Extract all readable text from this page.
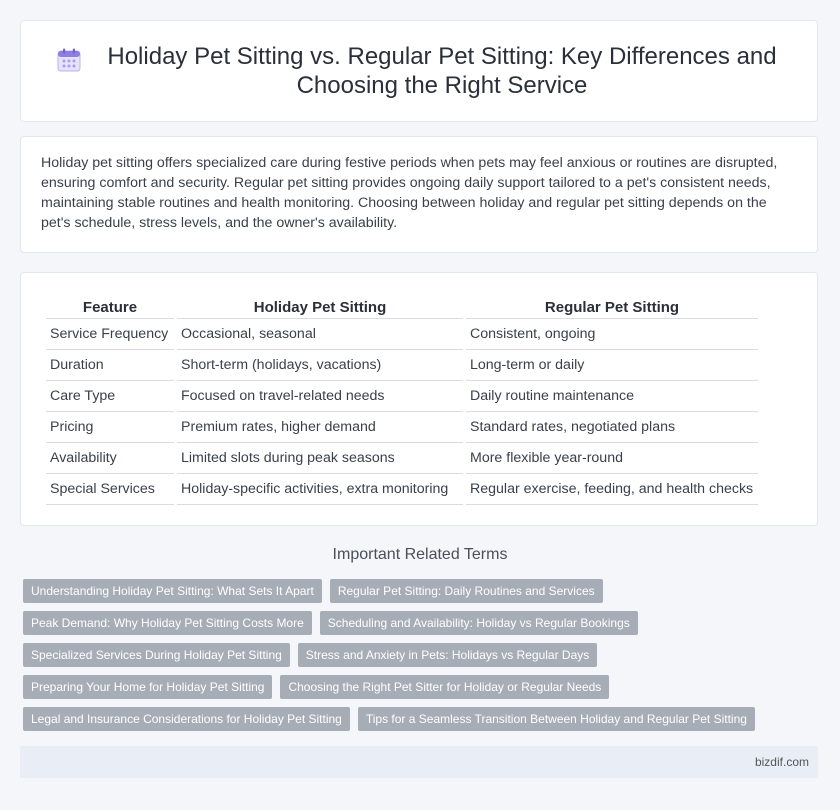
Holiday Pet Sitting vs. Regular Pet Sitting: Key Differences and Choosing the Right Service

Holiday pet sitting offers specialized care during festive periods when pets may feel anxious or routines are disrupted, ensuring comfort and security. Regular pet sitting provides ongoing daily support tailored to a pet's consistent needs, maintaining stable routines and health monitoring. Choosing between holiday and regular pet sitting depends on the pet's schedule, stress levels, and the owner's availability.

Feature	Holiday Pet Sitting	Regular Pet Sitting
Service Frequency	Occasional, seasonal	Consistent, ongoing
Duration	Short-term (holidays, vacations)	Long-term or daily
Care Type	Focused on travel-related needs	Daily routine maintenance
Pricing	Premium rates, higher demand	Standard rates, negotiated plans
Availability	Limited slots during peak seasons	More flexible year-round
Special Services	Holiday-specific activities, extra monitoring	Regular exercise, feeding, and health checks
Important Related Terms
Understanding Holiday Pet Sitting: What Sets It Apart	Regular Pet Sitting: Daily Routines and Services
Peak Demand: Why Holiday Pet Sitting Costs More	Scheduling and Availability: Holiday vs Regular Bookings
Specialized Services During Holiday Pet Sitting	Stress and Anxiety in Pets: Holidays vs Regular Days
Preparing Your Home for Holiday Pet Sitting	Choosing the Right Pet Sitter for Holiday or Regular Needs
Legal and Insurance Considerations for Holiday Pet Sitting	Tips for a Seamless Transition Between Holiday and Regular Pet Sitting
bizdif.com
